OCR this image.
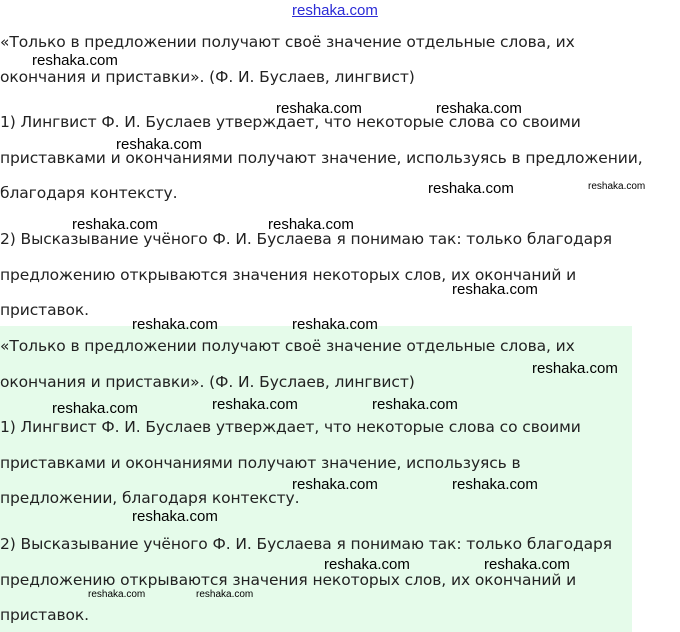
reshaka.com
«Только в предложении получают своё значение отдельные слова, их
окончания и приставки». (Ф. И. Буслаев, лингвист)
1) Лингвист Ф. И. Буслаев утверждает, что некоторые слова со своими
приставками и окончаниями получают значение, используясь в предложении,
благодаря контексту.
2) Высказывание учёного Ф. И. Буслаева я понимаю так: только благодаря
предложению открываются значения некоторых слов, их окончаний и
приставок.
«Только в предложении получают своё значение отдельные слова, их
окончания и приставки». (Ф. И. Буслаев, лингвист)
1) Лингвист Ф. И. Буслаев утверждает, что некоторые слова со своими
приставками и окончаниями получают значение, используясь в
предложении, благодаря контексту.
2) Высказывание учёного Ф. И. Буслаева я понимаю так: только благодаря
предложению открываются значения некоторых слов, их окончаний и
приставок.
reshaka.com
reshaka.com	reshaka.com
reshaka.com
reshaka.com	reshaka.com
reshaka.com	reshaka.com
reshaka.com
reshaka.com	reshaka.com
reshaka.com
reshaka.com	reshaka.com	reshaka.com
reshaka.com	reshaka.com
reshaka.com
reshaka.com	reshaka.com
reshaka.com	reshaka.com
